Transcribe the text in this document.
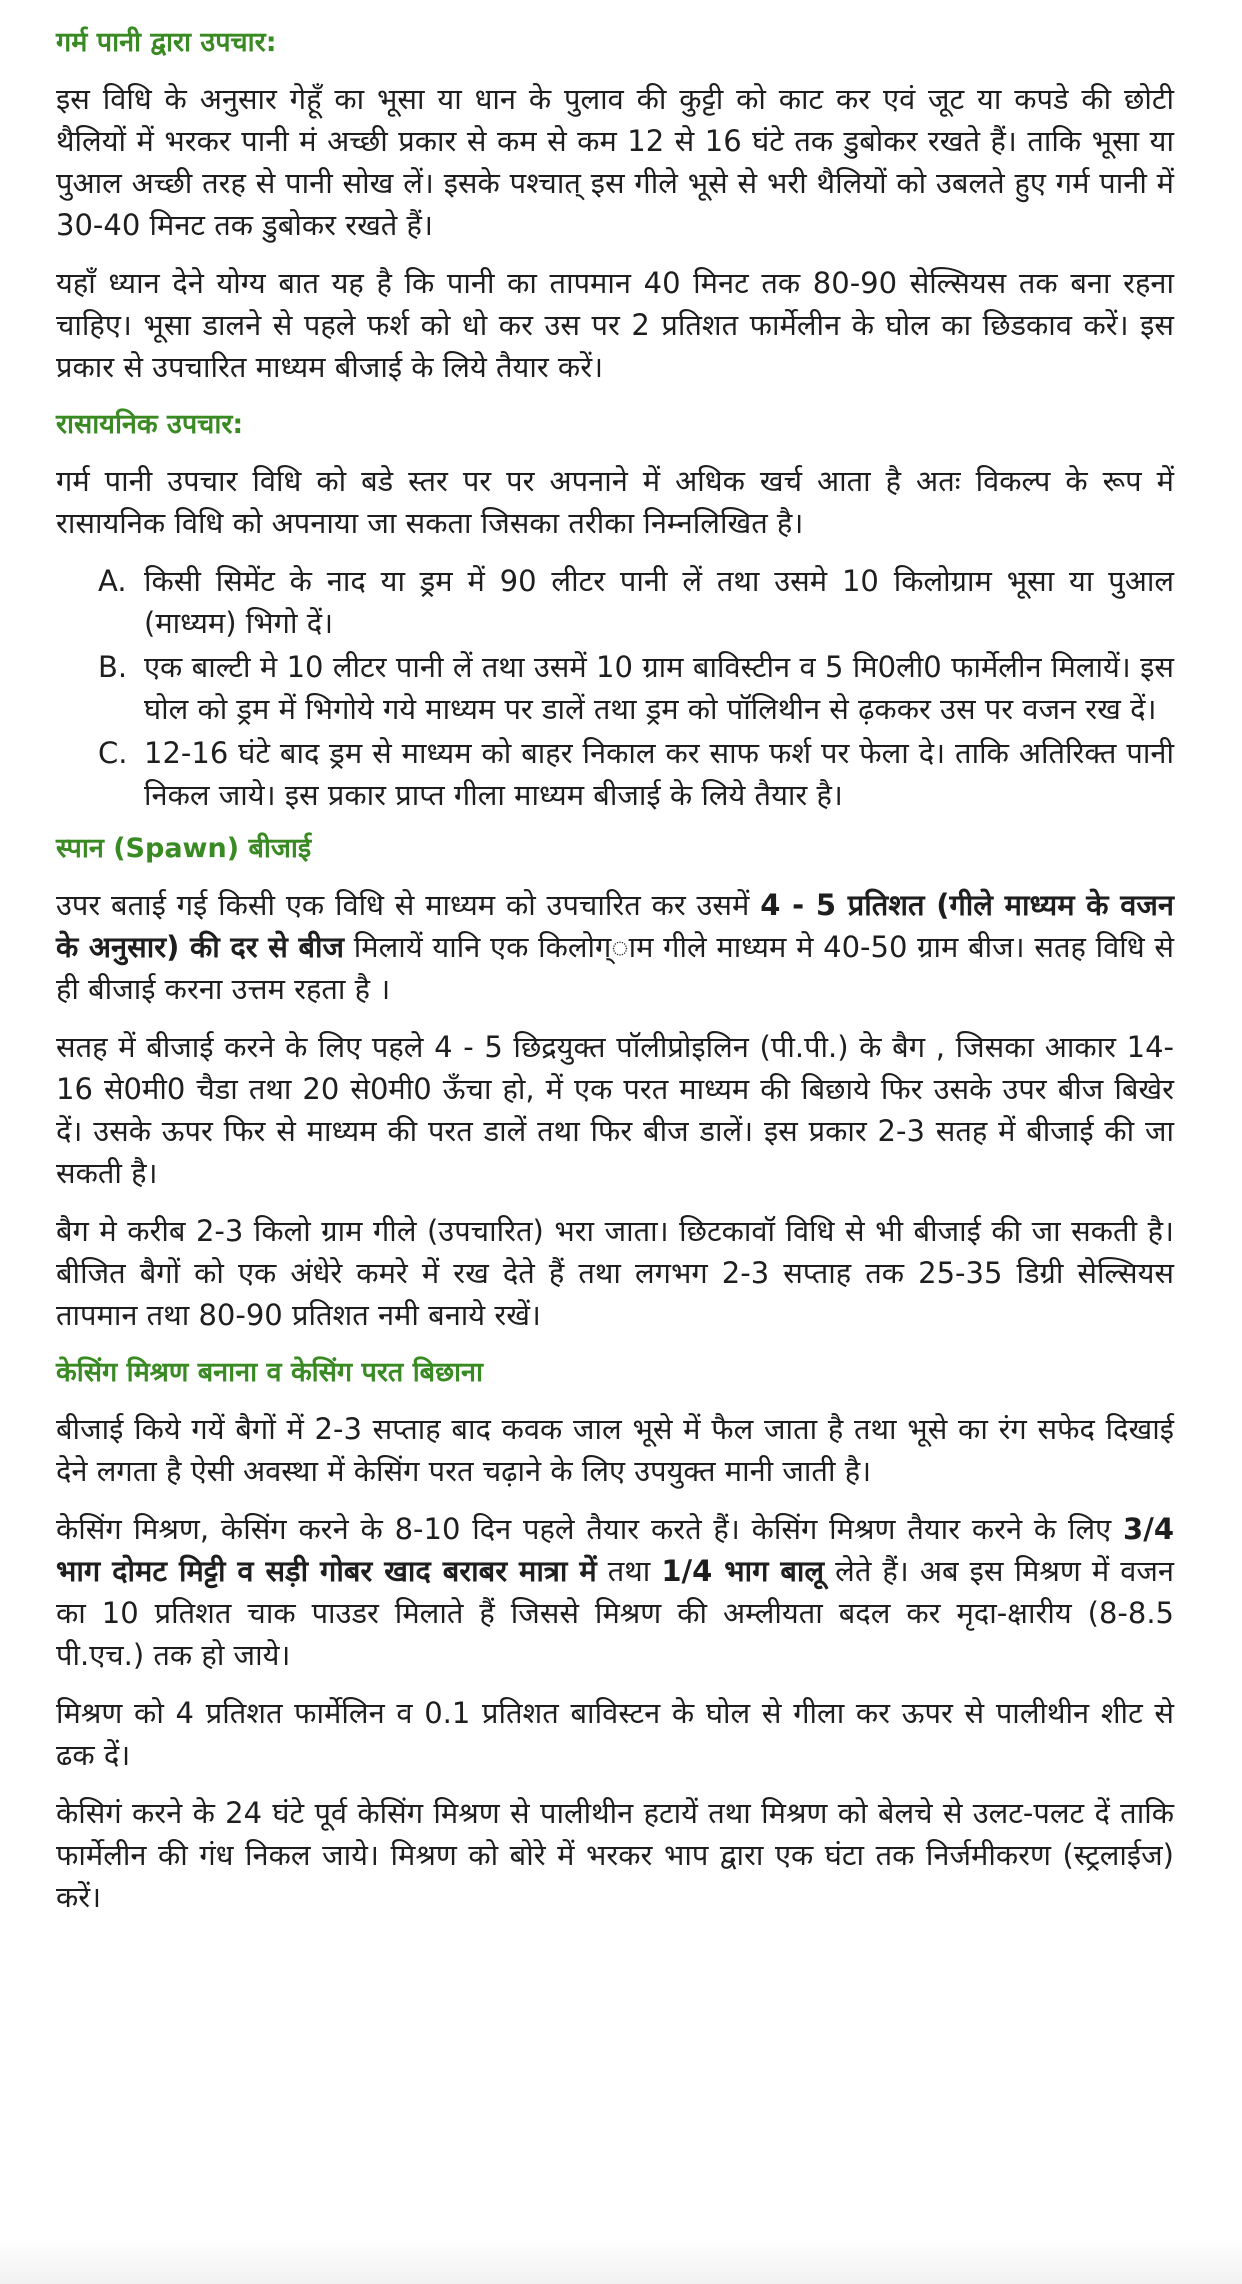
गर्म पानी द्वारा उपचार:

इस विधि के अनुसार गेहूँ का भूसा या धान के पुलाव की कुट्टी को काट कर एवं जूट या कपडे की छोटी थैलियों में भरकर पानी मं अच्छी प्रकार से कम से कम 12 से 16 घंटे तक डुबोकर रखते हैं। ताकि भूसा या पुआल अच्छी तरह से पानी सोख लें। इसके पश्चात् इस गीले भूसे से भरी थैलियों को उबलते हुए गर्म पानी में 30-40 मिनट तक डुबोकर रखते हैं।

यहाँ ध्यान देने योग्य बात यह है कि पानी का तापमान 40 मिनट तक 80-90 सेल्सियस तक बना रहना चाहिए। भूसा डालने से पहले फर्श को धो कर उस पर 2 प्रतिशत फार्मेलीन के घोल का छिडकाव करें। इस प्रकार से उपचारित माध्यम बीजाई के लिये तैयार करें।

रासायनिक उपचार:

गर्म पानी उपचार विधि को बडे स्तर पर पर अपनाने में अधिक खर्च आता है अतः विकल्प के रूप में रासायनिक विधि को अपनाया जा सकता जिसका तरीका निम्नलिखित है।

A. किसी सिमेंट के नाद या ड्रम में 90 लीटर पानी लें तथा उसमे 10 किलोग्राम भूसा या पुआल (माध्यम) भिगो दें।
B. एक बाल्टी मे 10 लीटर पानी लें तथा उसमें 10 ग्राम बाविस्टीन व 5 मि0ली0 फार्मेलीन मिलायें। इस घोल को ड्रम में भिगोये गये माध्यम पर डालें तथा ड्रम को पॉलिथीन से ढ़ककर उस पर वजन रख दें।
C. 12-16 घंटे बाद ड्रम से माध्यम को बाहर निकाल कर साफ फर्श पर फेला दे। ताकि अतिरिक्त पानी निकल जाये। इस प्रकार प्राप्त गीला माध्यम बीजाई के लिये तैयार है।
स्पान (Spawn) बीजाई

उपर बताई गई किसी एक विधि से माध्यम को उपचारित कर उसमें 4 - 5 प्रतिशत (गीले माध्यम के वजन के अनुसार) की दर से बीज मिलायें यानि एक किलोग्ाम गीले माध्यम मे 40-50 ग्राम बीज। सतह विधि से ही बीजाई करना उत्तम रहता है ।

सतह में बीजाई करने के लिए पहले 4 - 5 छिद्रयुक्त पॉलीप्रोइलिन (पी.पी.) के बैग , जिसका आकार 14-16 से0मी0 चैडा तथा 20 से0मी0 ऊँचा हो, में एक परत माध्यम की बिछाये फिर उसके उपर बीज बिखेर दें। उसके ऊपर फिर से माध्यम की परत डालें तथा फिर बीज डालें। इस प्रकार 2-3 सतह में बीजाई की जा सकती है।

बैग मे करीब 2-3 किलो ग्राम गीले (उपचारित) भरा जाता। छिटकावॉ विधि से भी बीजाई की जा सकती है। बीजित बैगों को एक अंधेरे कमरे में रख देते हैं तथा लगभग 2-3 सप्ताह तक 25-35 डिग्री सेल्सियस तापमान तथा 80-90 प्रतिशत नमी बनाये रखें।

केसिंग मिश्रण बनाना व केसिंग परत बिछाना

बीजाई किये गयें बैगों में 2-3 सप्ताह बाद कवक जाल भूसे में फैल जाता है तथा भूसे का रंग सफेद दिखाई देने लगता है ऐसी अवस्था में केसिंग परत चढ़ाने के लिए उपयुक्त मानी जाती है।

केसिंग मिश्रण, केसिंग करने के 8-10 दिन पहले तैयार करते हैं। केसिंग मिश्रण तैयार करने के लिए 3/4 भाग दोमट मिट्टी व सड़ी गोबर खाद बराबर मात्रा में तथा 1/4 भाग बालू लेते हैं। अब इस मिश्रण में वजन का 10 प्रतिशत चाक पाउडर मिलाते हैं जिससे मिश्रण की अम्लीयता बदल कर मृदा-क्षारीय (8-8.5 पी.एच.) तक हो जाये।

मिश्रण को 4 प्रतिशत फार्मेलिन व 0.1 प्रतिशत बाविस्टन के घोल से गीला कर ऊपर से पालीथीन शीट से ढक दें।

केसिगं करने के 24 घंटे पूर्व केसिंग मिश्रण से पालीथीन हटायें तथा मिश्रण को बेलचे से उलट-पलट दें ताकि फार्मेलीन की गंध निकल जाये। मिश्रण को बोरे में भरकर भाप द्वारा एक घंटा तक निर्जमीकरण (स्ट्रलाईज) करें।
